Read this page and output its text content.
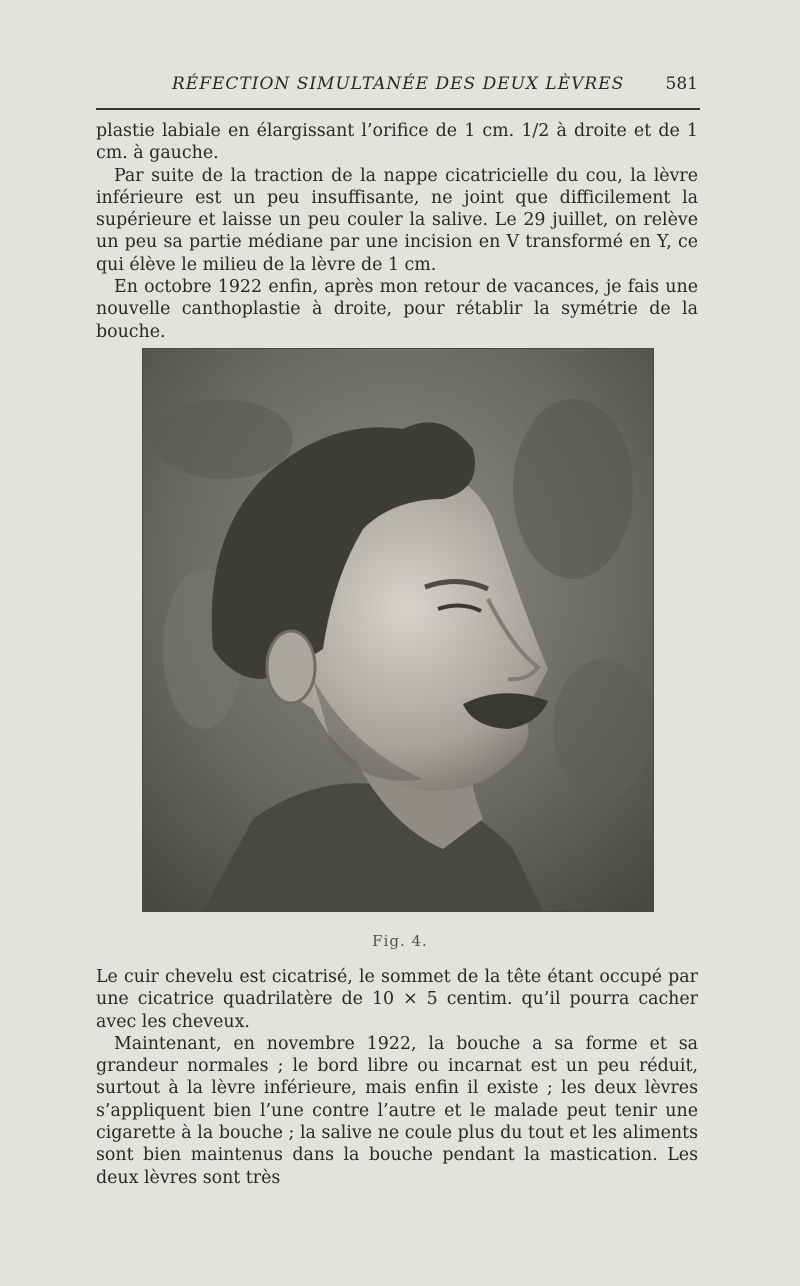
RÉFECTION SIMULTANÉE DES DEUX LÈVRES 581

plastie labiale en élargissant l’orifice de 1 cm. 1/2 à droite et de 1 cm. à gauche.

Par suite de la traction de la nappe cicatricielle du cou, la lèvre inférieure est un peu insuffisante, ne joint que difficilement la supérieure et laisse un peu couler la salive. Le 29 juillet, on relève un peu sa partie médiane par une incision en V transformé en Y, ce qui élève le milieu de la lèvre de 1 cm.

En octobre 1922 enfin, après mon retour de vacances, je fais une nouvelle canthoplastie à droite, pour rétablir la symétrie de la bouche.

Fig. 4.

Le cuir chevelu est cicatrisé, le sommet de la tête étant occupé par une cicatrice quadrilatère de 10 × 5 centim. qu’il pourra cacher avec les cheveux.

Maintenant, en novembre 1922, la bouche a sa forme et sa grandeur normales ; le bord libre ou incarnat est un peu réduit, surtout à la lèvre inférieure, mais enfin il existe ; les deux lèvres s’appliquent bien l’une contre l’autre et le malade peut tenir une cigarette à la bouche ; la salive ne coule plus du tout et les aliments sont bien maintenus dans la bouche pendant la mastication. Les deux lèvres sont très
